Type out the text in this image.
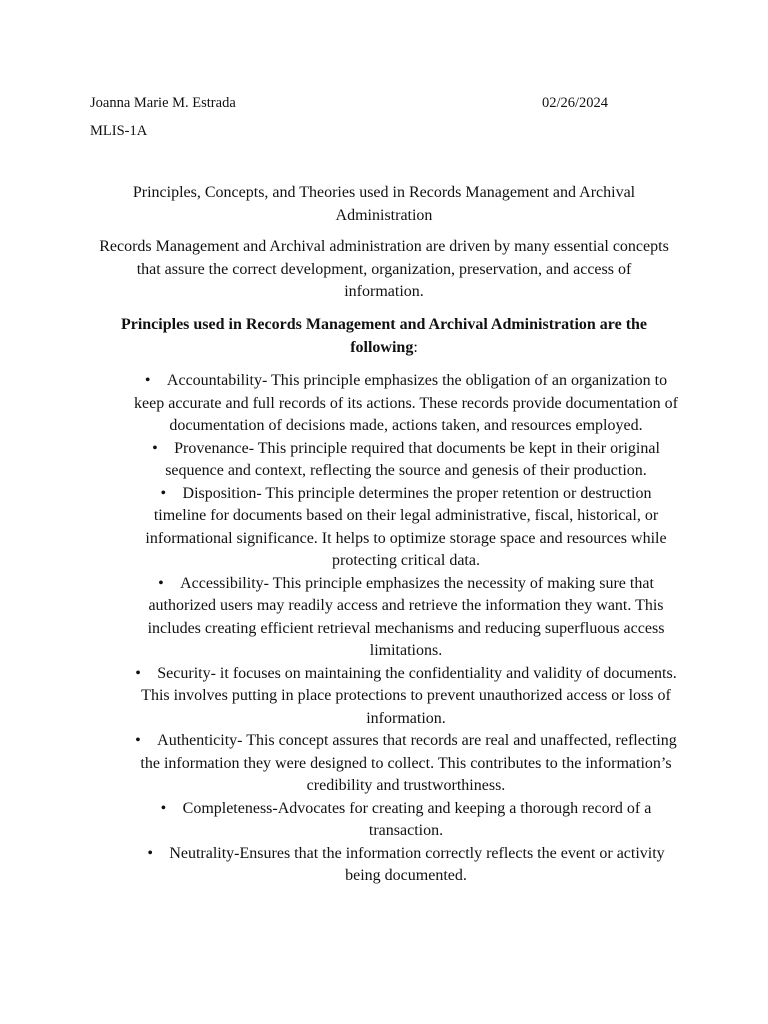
Joanna Marie M. Estrada	02/26/2024
MLIS-1A
Principles, Concepts, and Theories used in Records Management and Archival Administration
Records Management and Archival administration are driven by many essential concepts that assure the correct development, organization, preservation, and access of information.
Principles used in Records Management and Archival Administration are the following:
• Accountability- This principle emphasizes the obligation of an organization to keep accurate and full records of its actions. These records provide documentation of documentation of decisions made, actions taken, and resources employed.
• Provenance- This principle required that documents be kept in their original sequence and context, reflecting the source and genesis of their production.
• Disposition- This principle determines the proper retention or destruction timeline for documents based on their legal administrative, fiscal, historical, or informational significance. It helps to optimize storage space and resources while protecting critical data.
• Accessibility- This principle emphasizes the necessity of making sure that authorized users may readily access and retrieve the information they want. This includes creating efficient retrieval mechanisms and reducing superfluous access limitations.
• Security- it focuses on maintaining the confidentiality and validity of documents. This involves putting in place protections to prevent unauthorized access or loss of information.
• Authenticity- This concept assures that records are real and unaffected, reflecting the information they were designed to collect. This contributes to the information’s credibility and trustworthiness.
• Completeness-Advocates for creating and keeping a thorough record of a transaction.
• Neutrality-Ensures that the information correctly reflects the event or activity being documented.
